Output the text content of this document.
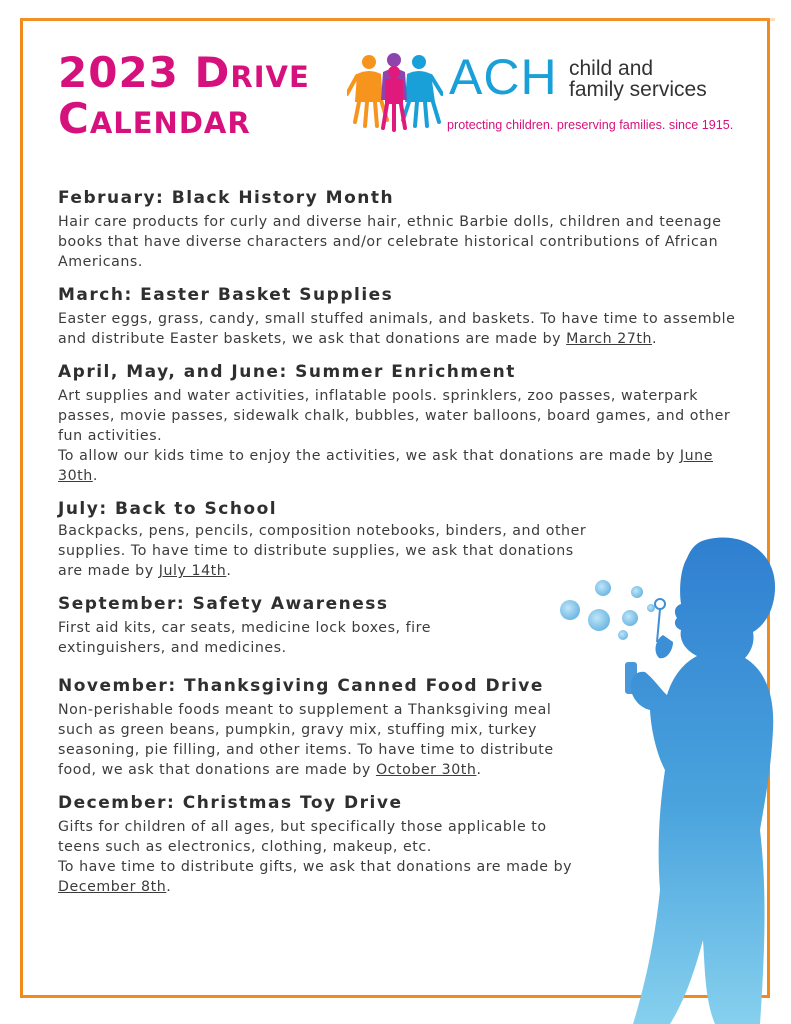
2023 Drive
Calendar
ACH child and
family services
protecting children. preserving families. since 1915.
February: Black History Month

Hair care products for curly and diverse hair, ethnic Barbie dolls, children and teenage books that have diverse characters and/or celebrate historical contributions of African Americans.

March: Easter Basket Supplies

Easter eggs, grass, candy, small stuffed animals, and baskets. To have time to assemble and distribute Easter baskets, we ask that donations are made by March 27th.

April, May, and June: Summer Enrichment

Art supplies and water activities, inflatable pools. sprinklers, zoo passes, waterpark passes, movie passes, sidewalk chalk, bubbles, water balloons, board games, and other fun activities.
To allow our kids time to enjoy the activities, we ask that donations are made by June 30th.

July: Back to School

Backpacks, pens, pencils, composition notebooks, binders, and other supplies. To have time to distribute supplies, we ask that donations are made by July 14th.

September: Safety Awareness

First aid kits, car seats, medicine lock boxes, fire extinguishers, and medicines.

November: Thanksgiving Canned Food Drive

Non-perishable foods meant to supplement a Thanksgiving meal such as green beans, pumpkin, gravy mix, stuffing mix, turkey seasoning, pie filling, and other items. To have time to distribute food, we ask that donations are made by October 30th.

December: Christmas Toy Drive

Gifts for children of all ages, but specifically those applicable to teens such as electronics, clothing, makeup, etc.
To have time to distribute gifts, we ask that donations are made by December 8th.
